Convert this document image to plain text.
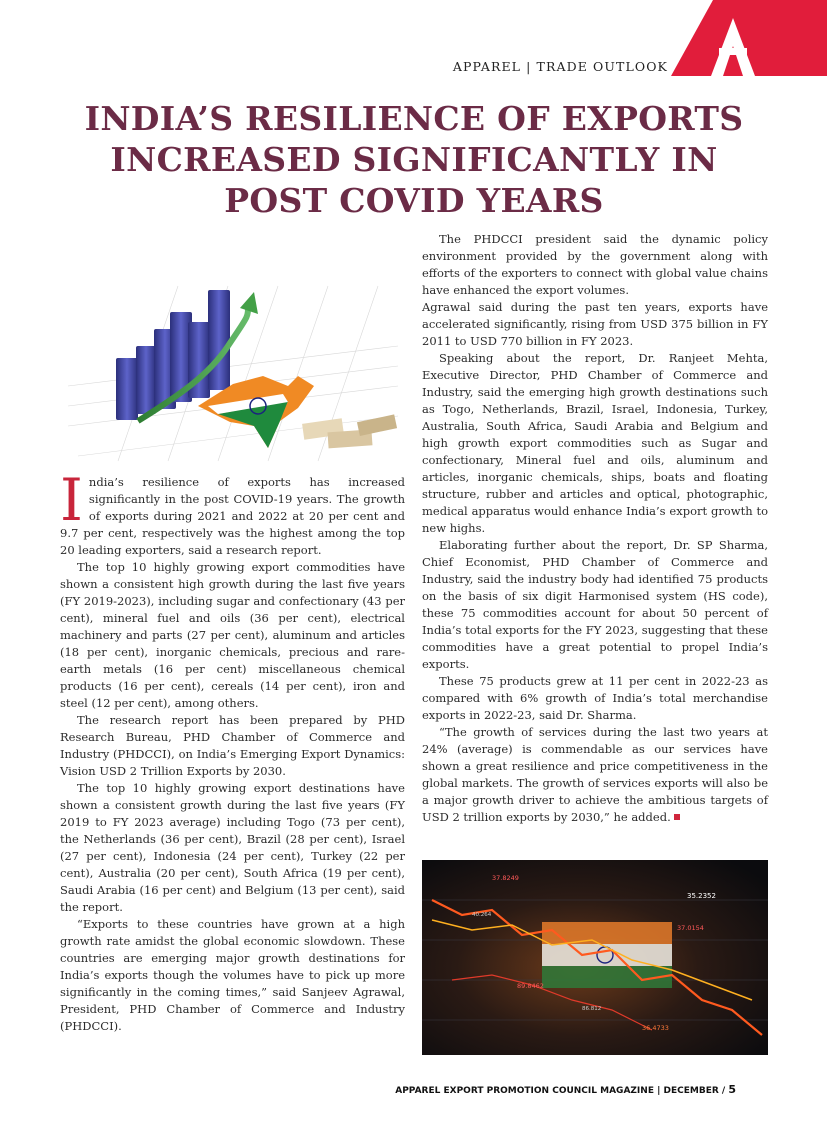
APPAREL | TRADE OUTLOOK
INDIA’S RESILIENCE OF EXPORTS INCREASED SIGNIFICANTLY IN POST COVID YEARS

India’s resilience of exports has increased significantly in the post COVID-19 years. The growth of exports during 2021 and 2022 at 20 per cent and 9.7 per cent, respectively was the highest among the top 20 leading exporters, said a research report.

The top 10 highly growing export commodities have shown a consistent high growth during the last five years (FY 2019-2023), including sugar and confectionary (43 per cent), mineral fuel and oils (36 per cent), electrical machinery and parts (27 per cent), aluminum and articles (18 per cent), inorganic chemicals, precious and rare- earth metals (16 per cent) miscellaneous chemical products (16 per cent), cereals (14 per cent), iron and steel (12 per cent), among others.

The research report has been prepared by PHD Research Bureau, PHD Chamber of Commerce and Industry (PHDCCI), on India’s Emerging Export Dynamics: Vision USD 2 Trillion Exports by 2030.

The top 10 highly growing export destinations have shown a consistent growth during the last five years (FY 2019 to FY 2023 average) including Togo (73 per cent), the Netherlands (36 per cent), Brazil (28 per cent), Israel (27 per cent), Indonesia (24 per cent), Turkey (22 per cent), Australia (20 per cent), South Africa (19 per cent), Saudi Arabia (16 per cent) and Belgium (13 per cent), said the report.

“Exports to these countries have grown at a high growth rate amidst the global economic slowdown. These countries are emerging major growth destinations for India’s exports though the volumes have to pick up more significantly in the coming times,” said Sanjeev Agrawal, President, PHD Chamber of Commerce and Industry (PHDCCI).

The PHDCCI president said the dynamic policy environment provided by the government along with efforts of the exporters to connect with global value chains have enhanced the export volumes.

Agrawal said during the past ten years, exports have accelerated significantly, rising from USD 375 billion in FY 2011 to USD 770 billion in FY 2023.

Speaking about the report, Dr. Ranjeet Mehta, Executive Director, PHD Chamber of Commerce and Industry, said the emerging high growth destinations such as Togo, Netherlands, Brazil, Israel, Indonesia, Turkey, Australia, South Africa, Saudi Arabia and Belgium and high growth export commodities such as Sugar and confectionary, Mineral fuel and oils, aluminum and articles, inorganic chemicals, ships, boats and floating structure, rubber and articles and optical, photographic, medical apparatus would enhance India’s export growth to new highs.

Elaborating further about the report, Dr. SP Sharma, Chief Economist, PHD Chamber of Commerce and Industry, said the industry body had identified 75 products on the basis of six digit Harmonised system (HS code), these 75 commodities account for about 50 percent of India’s total exports for the FY 2023, suggesting that these commodities have a great potential to propel India’s exports.

These 75 products grew at 11 per cent in 2022-23 as compared with 6% growth of India’s total merchandise exports in 2022-23, said Dr. Sharma.

“The growth of services during the last two years at 24% (average) is commendable as our services have shown a great resilience and price competitiveness in the global markets. The growth of services exports will also be a major growth driver to achieve the ambitious targets of USD 2 trillion exports by 2030,” he added.

37.8249
40.264
35.2352
37.0154
89.8462
36.4733
86.812
APPAREL EXPORT PROMOTION COUNCIL MAGAZINE | DECEMBER / 5
